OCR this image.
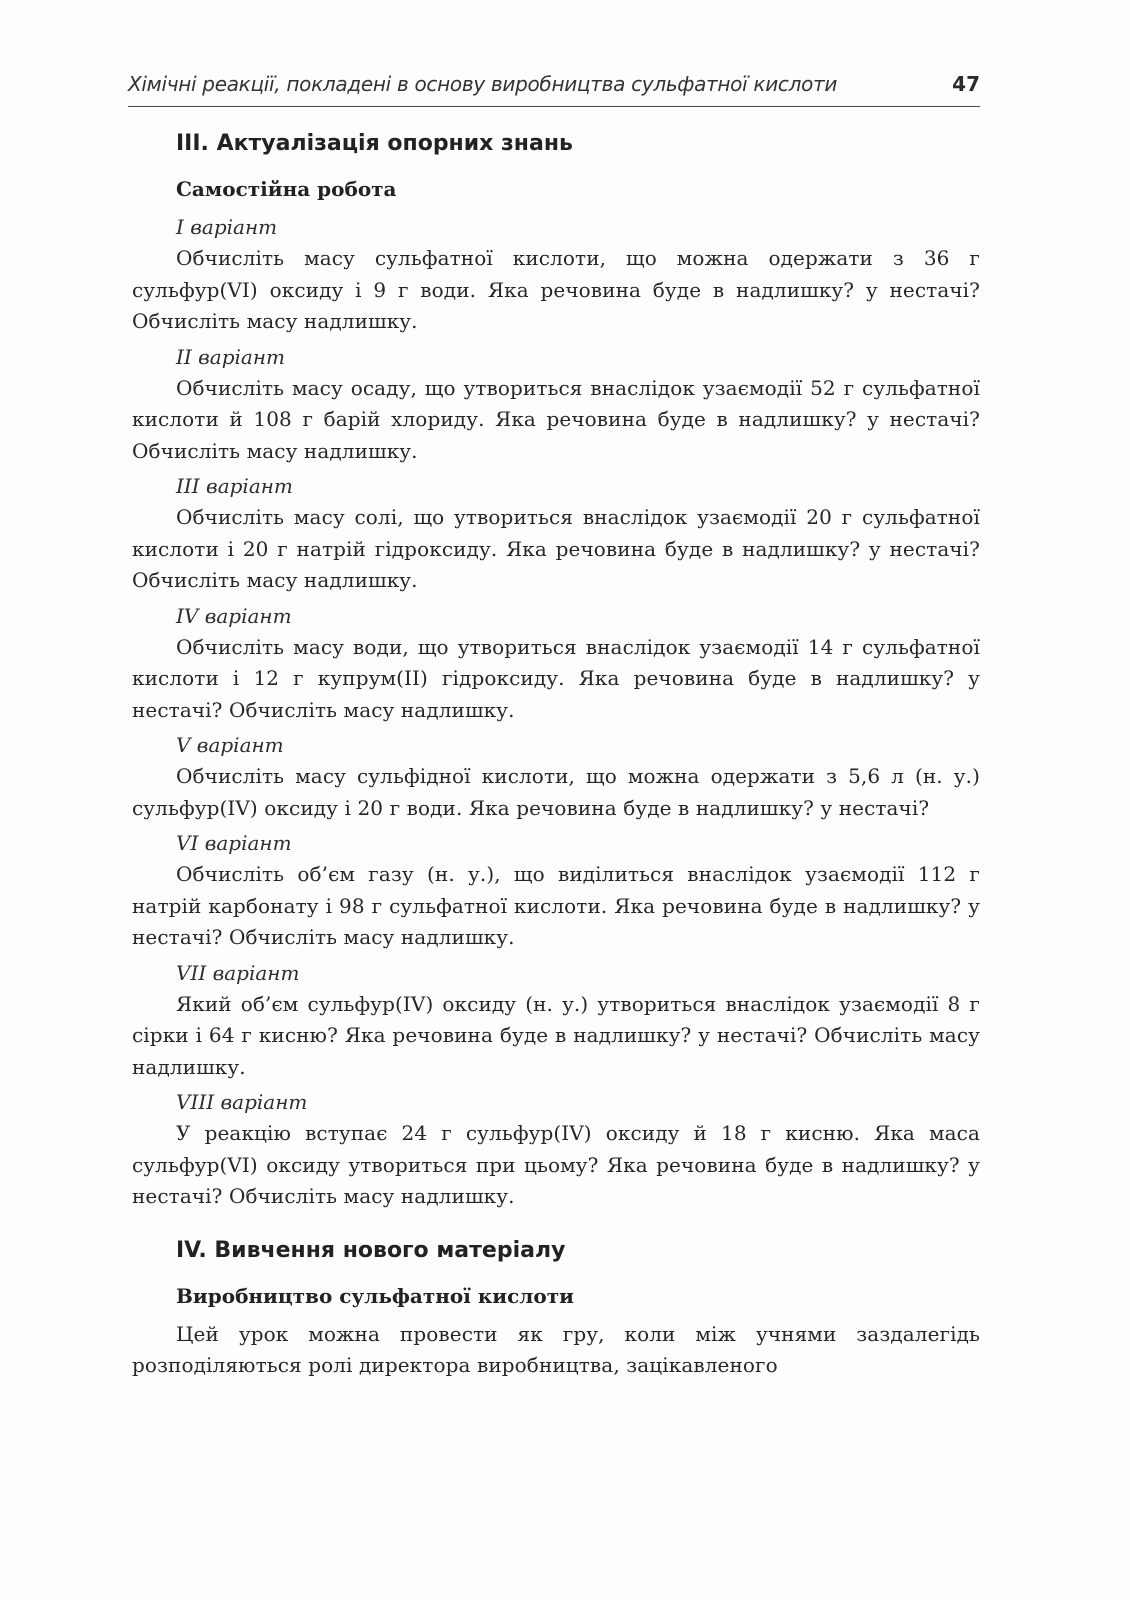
Хімічні реакції, покладені в основу виробництва сульфатної кислоти	47
III. Актуалізація опорних знань
Самостійна робота
I варіант

Обчисліть масу сульфатної кислоти, що можна одержати з 36 г сульфур(VI) оксиду і 9 г води. Яка речовина буде в надлишку? у нестачі? Обчисліть масу надлишку.

II варіант

Обчисліть масу осаду, що утвориться внаслідок узаємодії 52 г сульфатної кислоти й 108 г барій хлориду. Яка речовина буде в надлишку? у нестачі? Обчисліть масу надлишку.

III варіант

Обчисліть масу солі, що утвориться внаслідок узаємодії 20 г сульфатної кислоти і 20 г натрій гідроксиду. Яка речовина буде в надлишку? у нестачі? Обчисліть масу надлишку.

IV варіант

Обчисліть масу води, що утвориться внаслідок узаємодії 14 г сульфатної кислоти і 12 г купрум(II) гідроксиду. Яка речовина буде в надлишку? у нестачі? Обчисліть масу надлишку.

V варіант

Обчисліть масу сульфідної кислоти, що можна одержати з 5,6 л (н. у.) сульфур(IV) оксиду і 20 г води. Яка речовина буде в надлишку? у нестачі?

VI варіант

Обчисліть об’єм газу (н. у.), що виділиться внаслідок узаємодії 112 г натрій карбонату і 98 г сульфатної кислоти. Яка речовина буде в надлишку? у нестачі? Обчисліть масу надлишку.

VII варіант

Який об’єм сульфур(IV) оксиду (н. у.) утвориться внаслідок узаємодії 8 г сірки і 64 г кисню? Яка речовина буде в надлишку? у нестачі? Обчисліть масу надлишку.

VIII варіант

У реакцію вступає 24 г сульфур(IV) оксиду й 18 г кисню. Яка маса сульфур(VI) оксиду утвориться при цьому? Яка речовина буде в надлишку? у нестачі? Обчисліть масу надлишку.

IV. Вивчення нового матеріалу
Виробництво сульфатної кислоти

Цей урок можна провести як гру, коли між учнями заздалегідь розподіляються ролі директора виробництва, зацікавленого
